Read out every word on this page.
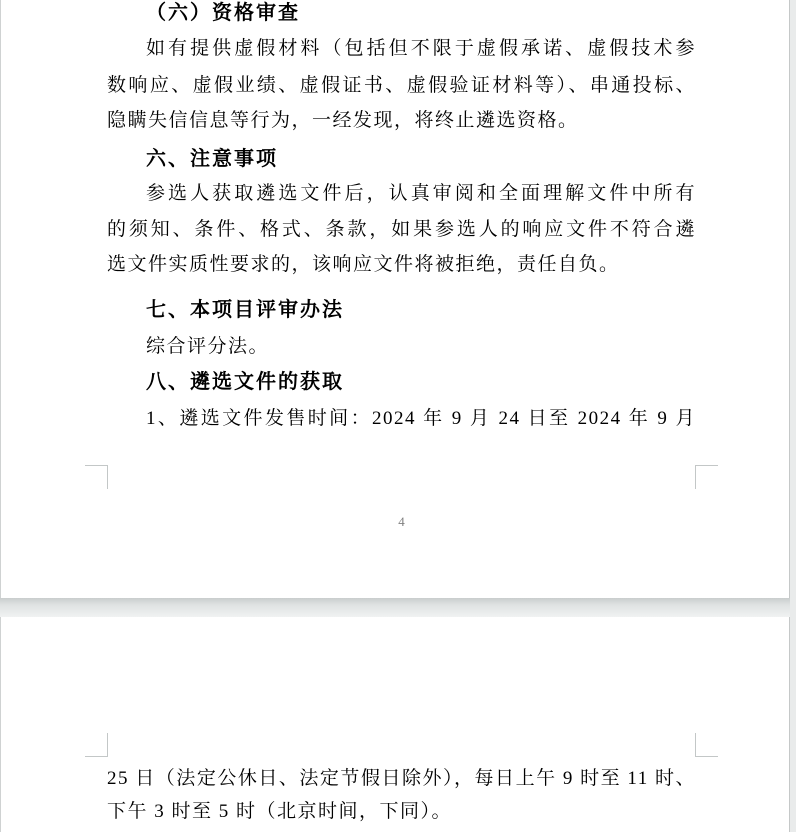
（六）资格审查
如有提供虚假材料（包括但不限于虚假承诺、虚假技术参
数响应、虚假业绩、虚假证书、虚假验证材料等）、串通投标、
隐瞒失信信息等行为，一经发现，将终止遴选资格。
六、注意事项
参选人获取遴选文件后，认真审阅和全面理解文件中所有
的须知、条件、格式、条款，如果参选人的响应文件不符合遴
选文件实质性要求的，该响应文件将被拒绝，责任自负。
七、本项目评审办法
综合评分法。
八、遴选文件的获取
1、遴选文件发售时间：2024 年 9 月 24 日至 2024 年 9 月
4
25 日（法定公休日、法定节假日除外），每日上午 9 时至 11 时、
下午 3 时至 5 时（北京时间，下同）。
